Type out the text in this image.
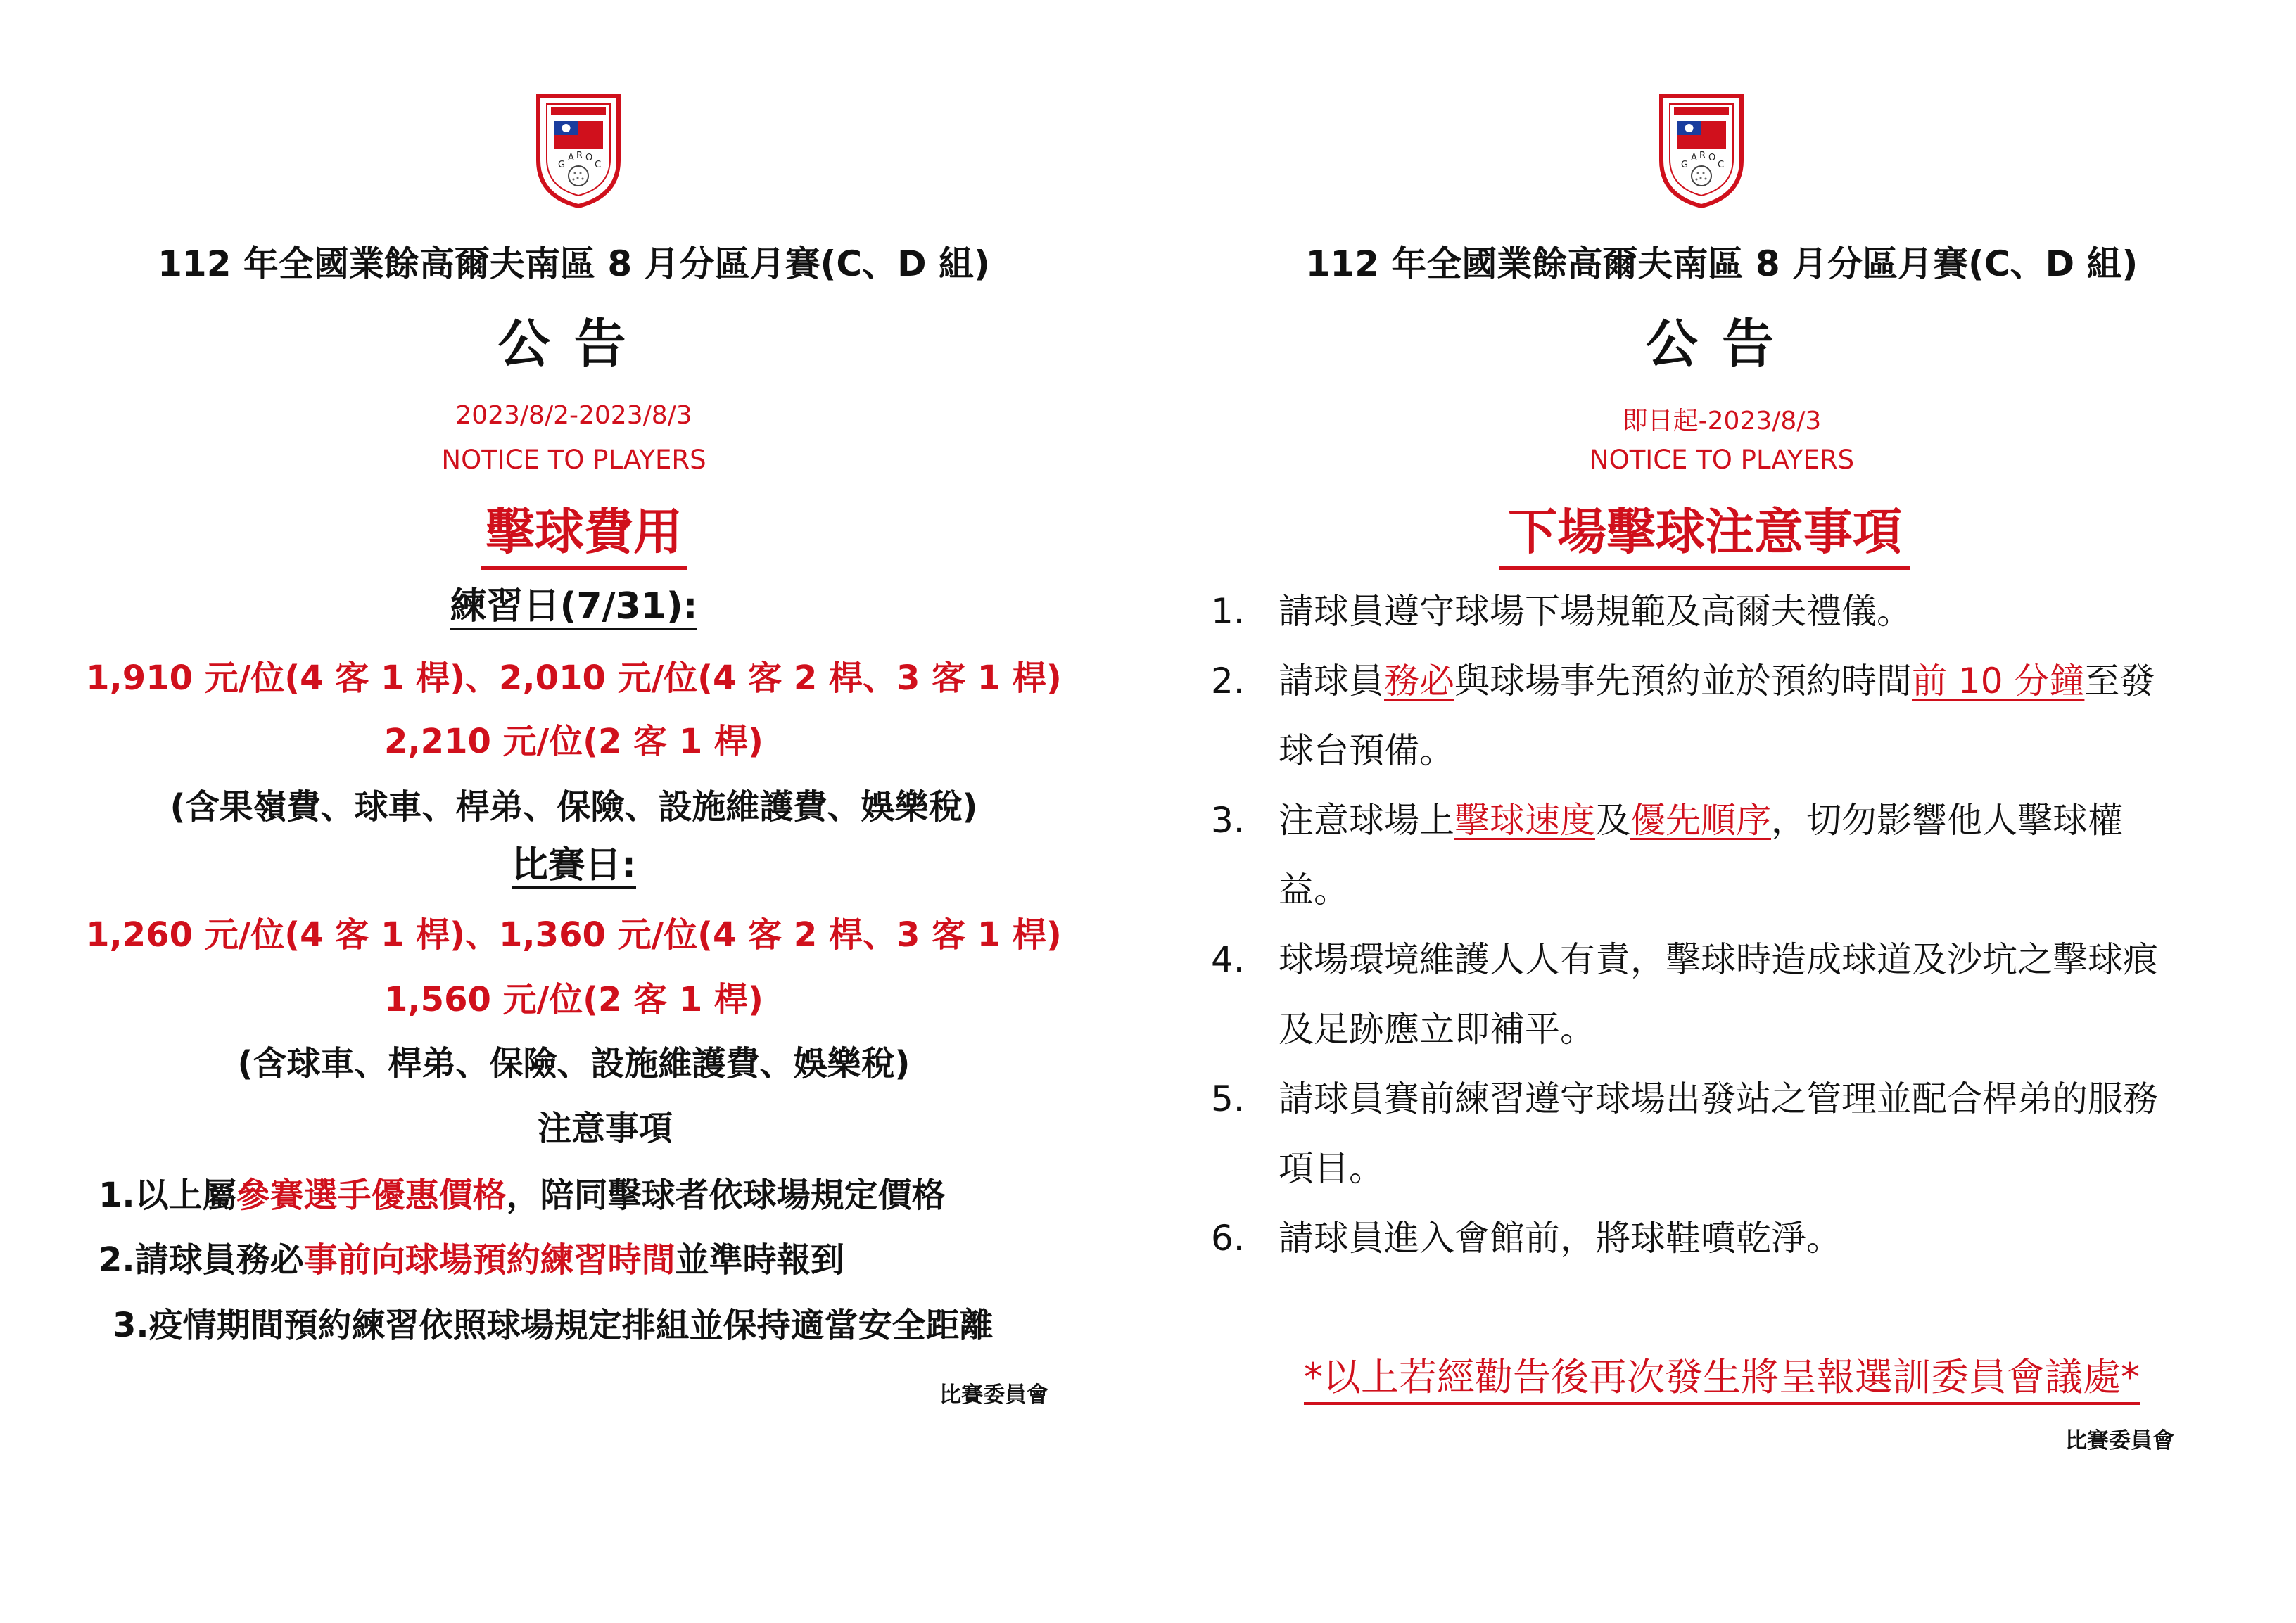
G
A R O
C
112 年全國業餘高爾夫南區 8 月分區月賽(C、D 組)
公告
2023/8/2-2023/8/3
NOTICE TO PLAYERS
擊球費用
練習日(7/31):
1,910 元/位(4 客 1 桿)、2,010 元/位(4 客 2 桿、3 客 1 桿)
2,210 元/位(2 客 1 桿)
(含果嶺費、球車、桿弟、保險、設施維護費、娛樂稅)
比賽日:
1,260 元/位(4 客 1 桿)、1,360 元/位(4 客 2 桿、3 客 1 桿)
1,560 元/位(2 客 1 桿)
(含球車、桿弟、保險、設施維護費、娛樂稅)
注意事項
1.以上屬參賽選手優惠價格，陪同擊球者依球場規定價格
2.請球員務必事前向球場預約練習時間並準時報到
3.疫情期間預約練習依照球場規定排組並保持適當安全距離
比賽委員會
G
A R O
C
112 年全國業餘高爾夫南區 8 月分區月賽(C、D 組)
公告
即日起-2023/8/3
NOTICE TO PLAYERS
下場擊球注意事項
1. 請球員遵守球場下場規範及高爾夫禮儀。
2. 請球員務必與球場事先預約並於預約時間前 10 分鐘至發球台預備。
3. 注意球場上擊球速度及優先順序，切勿影響他人擊球權益。
4. 球場環境維護人人有責，擊球時造成球道及沙坑之擊球痕及足跡應立即補平。
5. 請球員賽前練習遵守球場出發站之管理並配合桿弟的服務項目。
6. 請球員進入會館前，將球鞋噴乾淨。
*以上若經勸告後再次發生將呈報選訓委員會議處*
比賽委員會
